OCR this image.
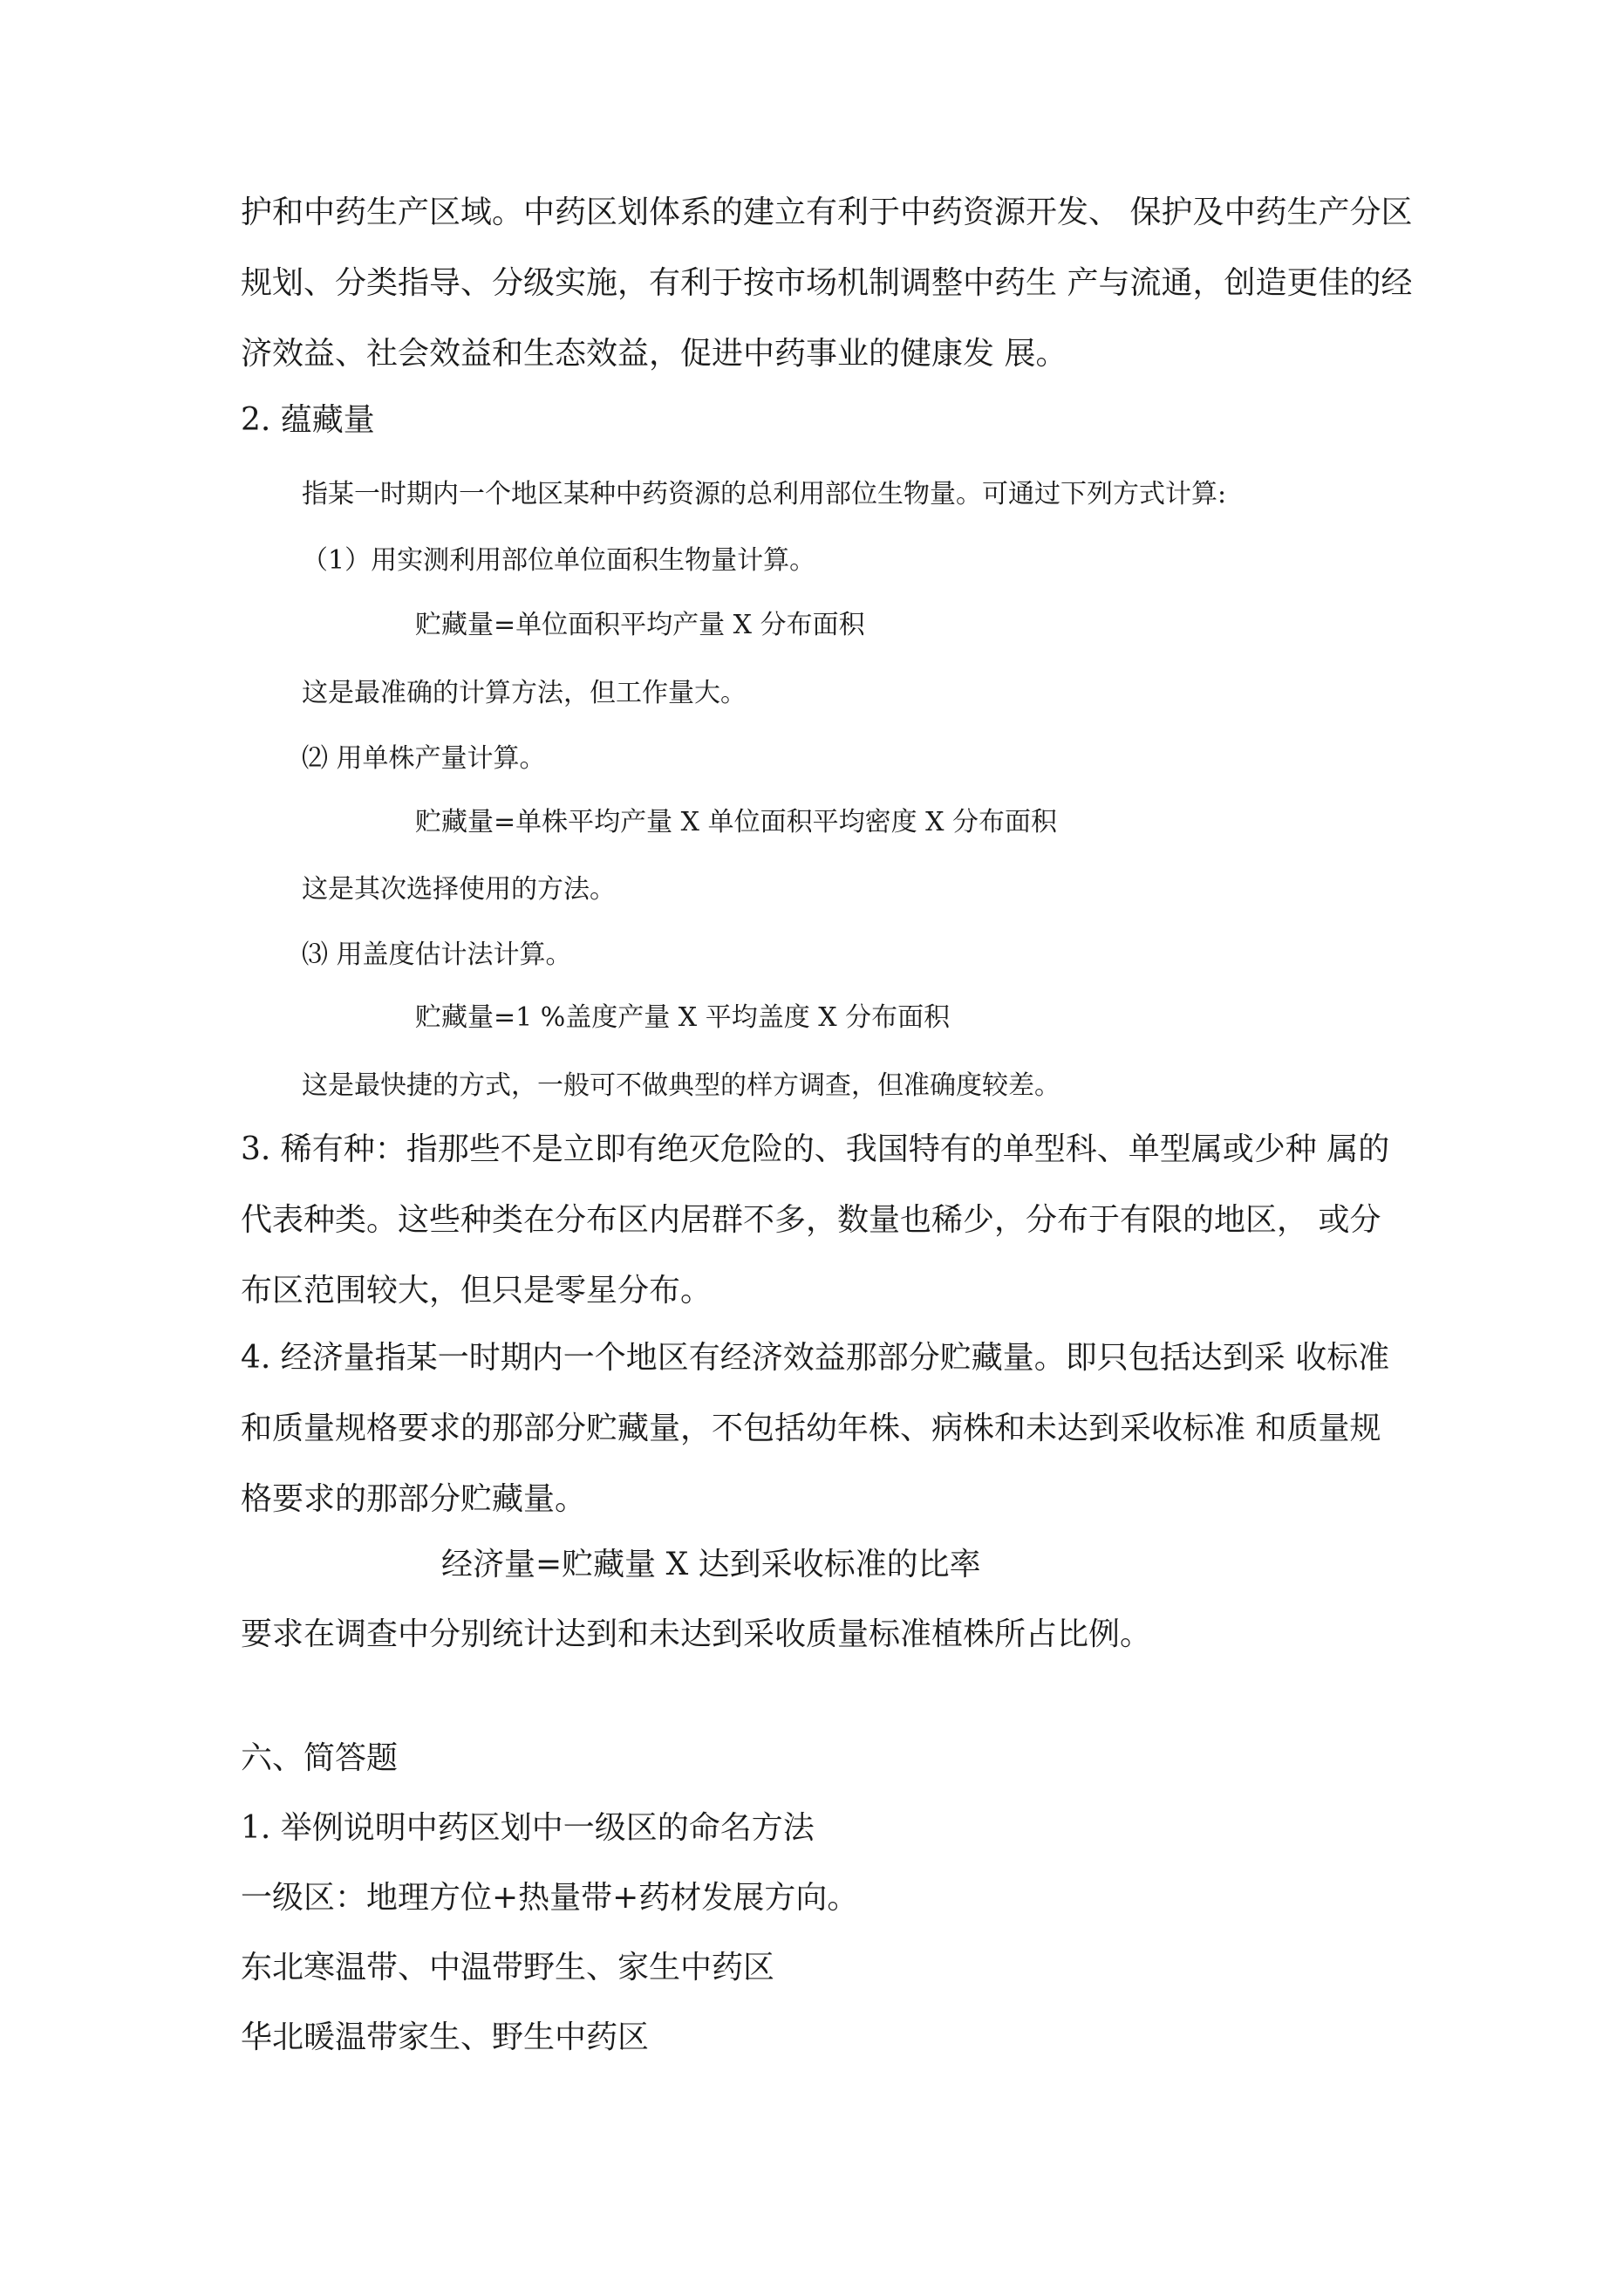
护和中药生产区域。中药区划体系的建立有利于中药资源开发、 保护及中药生产分区
规划、分类指导、分级实施，有利于按市场机制调整中药生 产与流通，创造更佳的经
济效益、社会效益和生态效益，促进中药事业的健康发 展。
2. 蕴藏量
指某一时期内一个地区某种中药资源的总利用部位生物量。可通过下列方式计算:
（1）用实测利用部位单位面积生物量计算。
贮藏量=单位面积平均产量 X 分布面积
这是最准确的计算方法，但工作量大。
⑵ 用单株产量计算。
贮藏量=单株平均产量 X 单位面积平均密度 X 分布面积
这是其次选择使用的方法。
⑶ 用盖度估计法计算。
贮藏量=1 %盖度产量 X 平均盖度 X 分布面积
这是最快捷的方式，一般可不做典型的样方调查，但准确度较差。
3. 稀有种：指那些不是立即有绝灭危险的、我国特有的单型科、单型属或少种 属的
代表种类。这些种类在分布区内居群不多，数量也稀少，分布于有限的地区， 或分
布区范围较大，但只是零星分布。
4. 经济量指某一时期内一个地区有经济效益那部分贮藏量。即只包括达到采 收标准
和质量规格要求的那部分贮藏量，不包括幼年株、病株和未达到采收标准 和质量规
格要求的那部分贮藏量。
经济量=贮藏量 X 达到采收标准的比率
要求在调查中分别统计达到和未达到采收质量标准植株所占比例。
六、简答题
1. 举例说明中药区划中一级区的命名方法
一级区：地理方位+热量带+药材发展方向。
东北寒温带、中温带野生、家生中药区
华北暖温带家生、野生中药区
